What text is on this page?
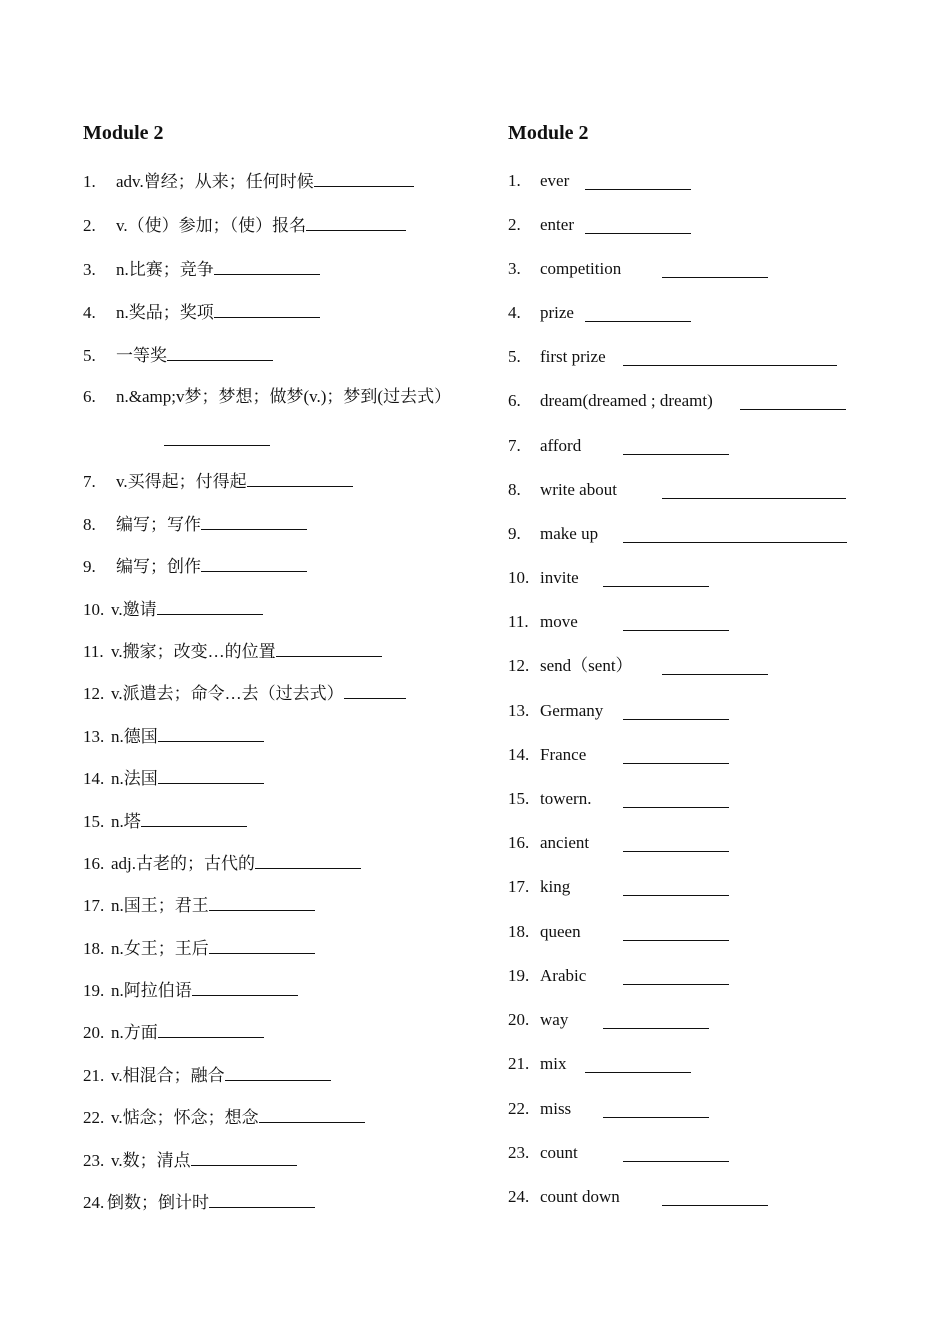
Module 2
1. adv.曾经；从来；任何时候
2. v.（使）参加；（使）报名
3. n.比赛；竞争
4. n.奖品；奖项
5. 一等奖
6. n.&amp;v梦；梦想；做梦(v.)；梦到(过去式）
7. v.买得起；付得起
8. 编写；写作
9. 编写；创作
10. v.邀请
11. v.搬家；改变…的位置
12. v.派遣去；命令…去（过去式）
13. n.德国
14. n.法国
15. n.塔
16. adj.古老的；古代的
17. n.国王；君王
18. n.女王；王后
19. n.阿拉伯语
20. n.方面
21. v.相混合；融合
22. v.惦念；怀念；想念
23. v.数；清点
24. 倒数；倒计时
Module 2
1. ever
2. enter
3. competition
4. prize
5. first prize
6. dream(dreamed ; dreamt)
7. afford
8. write about
9. make up
10. invite
11. move
12. send（sent）
13. Germany
14. France
15. towern.
16. ancient
17. king
18. queen
19. Arabic
20. way
21. mix
22. miss
23. count
24. count down
